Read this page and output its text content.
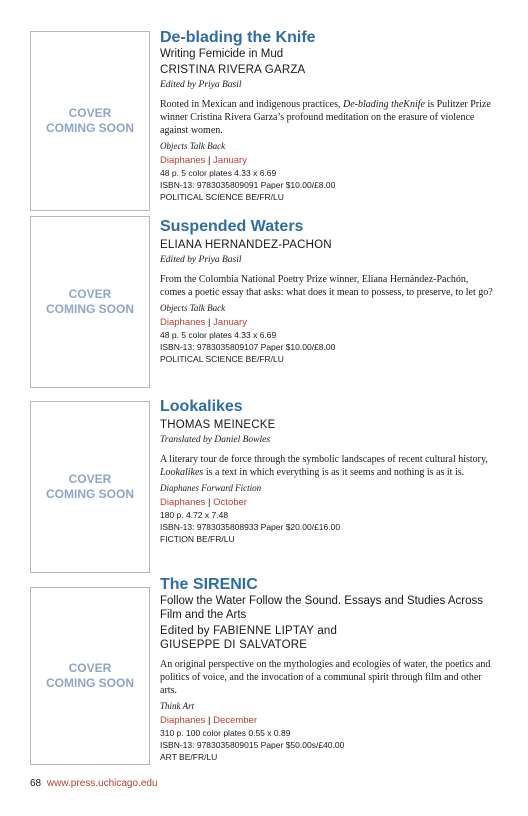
COVER
COMING SOON
De-blading the Knife
Writing Femicide in Mud
CRISTINA RIVERA GARZA
Edited by Priya Basil
Rooted in Mexican and indigenous practices, De-blading theKnife is Pulitzer Prize winner Cristina Rivera Garza’s profound meditation on the erasure of violence against women.
Objects Talk Back
Diaphanes | January
48 p. 5 color plates 4.33 x 6.69
ISBN-13: 9783035809091 Paper $10.00/£8.00
POLITICAL SCIENCE BE/FR/LU
COVER
COMING SOON
Suspended Waters
ELIANA HERNANDEZ-PACHON
Edited by Priya Basil
From the Colombia National Poetry Prize winner, Eliana Hernández-Pachón, comes a poetic essay that asks: what does it mean to possess, to preserve, to let go?
Objects Talk Back
Diaphanes | January
48 p. 5 color plates 4.33 x 6.69
ISBN-13: 9783035809107 Paper $10.00/£8.00
POLITICAL SCIENCE BE/FR/LU
COVER
COMING SOON
Lookalikes
THOMAS MEINECKE
Translated by Daniel Bowles
A literary tour de force through the symbolic landscapes of recent cultural history, Lookalikes is a text in which everything is as it seems and nothing is as it is.
Diaphanes Forward Fiction
Diaphanes | October
180 p. 4.72 x 7.48
ISBN-13: 9783035808933 Paper $20.00/£16.00
FICTION BE/FR/LU
COVER
COMING SOON
The SIRENIC
Follow the Water Follow the Sound. Essays and Studies Across Film and the Arts
Edited by FABIENNE LIPTAY and GIUSEPPE DI SALVATORE
An original perspective on the mythologies and ecologies of water, the poetics and politics of voice, and the invocation of a communal spirit through film and other arts.
Think Art
Diaphanes | December
310 p. 100 color plates 0.55 x 0.89
ISBN-13: 9783035809015 Paper $50.00s/£40.00
ART BE/FR/LU
68 www.press.uchicago.edu
